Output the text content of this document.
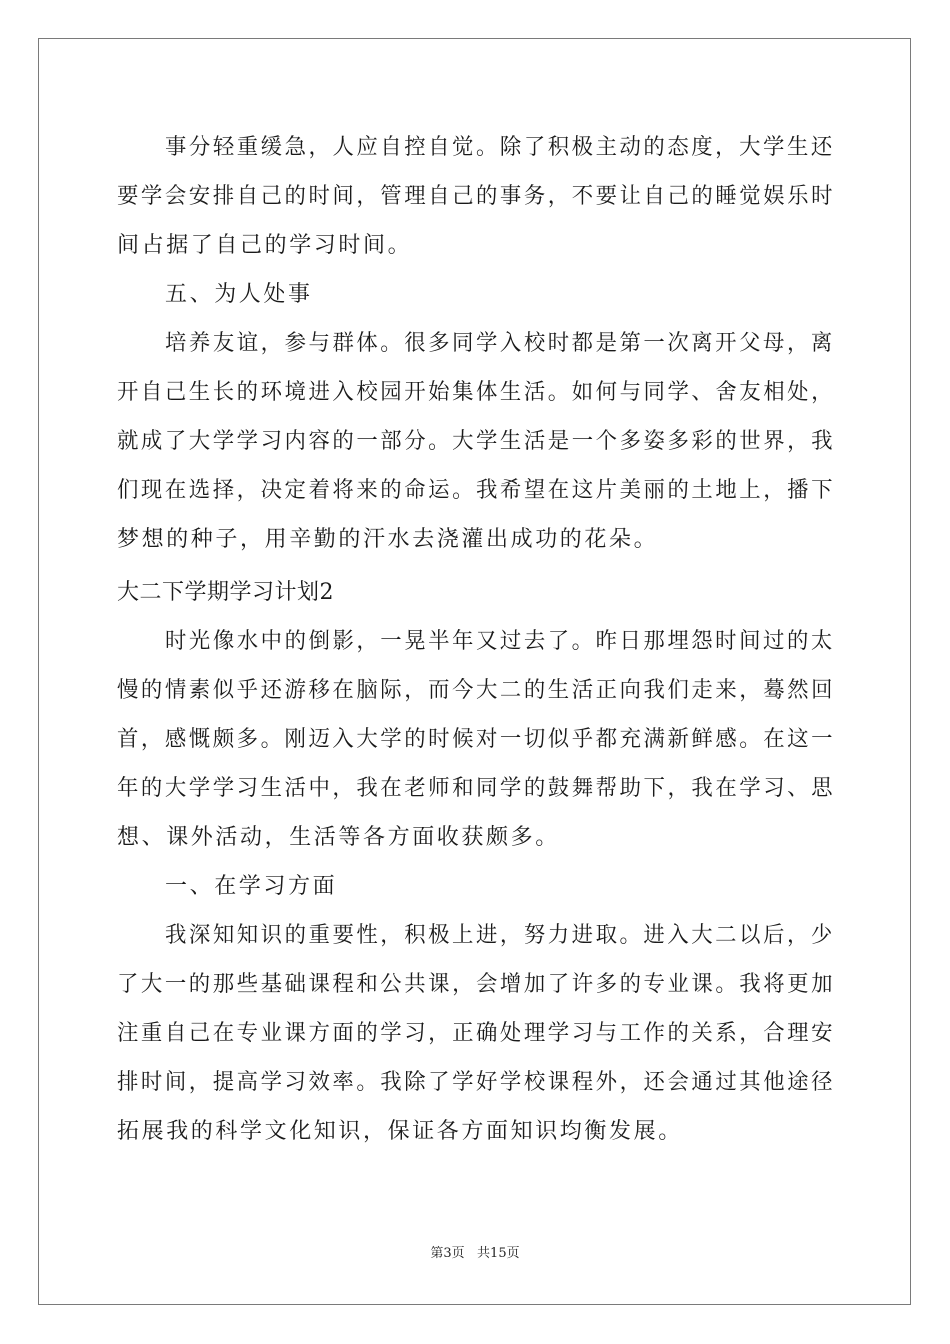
事分轻重缓急，人应自控自觉。除了积极主动的态度，大学生还
要学会安排自己的时间，管理自己的事务，不要让自己的睡觉娱乐时
间占据了自己的学习时间。
五、为人处事
培养友谊，参与群体。很多同学入校时都是第一次离开父母，离
开自己生长的环境进入校园开始集体生活。如何与同学、舍友相处，
就成了大学学习内容的一部分。大学生活是一个多姿多彩的世界，我
们现在选择，决定着将来的命运。我希望在这片美丽的土地上，播下
梦想的种子，用辛勤的汗水去浇灌出成功的花朵。
大二下学期学习计划2
时光像水中的倒影，一晃半年又过去了。昨日那埋怨时间过的太
慢的情素似乎还游移在脑际，而今大二的生活正向我们走来，蓦然回
首，感慨颇多。刚迈入大学的时候对一切似乎都充满新鲜感。在这一
年的大学学习生活中，我在老师和同学的鼓舞帮助下，我在学习、思
想、课外活动，生活等各方面收获颇多。
一、在学习方面
我深知知识的重要性，积极上进，努力进取。进入大二以后，少
了大一的那些基础课程和公共课，会增加了许多的专业课。我将更加
注重自己在专业课方面的学习，正确处理学习与工作的关系，合理安
排时间，提高学习效率。我除了学好学校课程外，还会通过其他途径
拓展我的科学文化知识，保证各方面知识均衡发展。
第3页   共15页
